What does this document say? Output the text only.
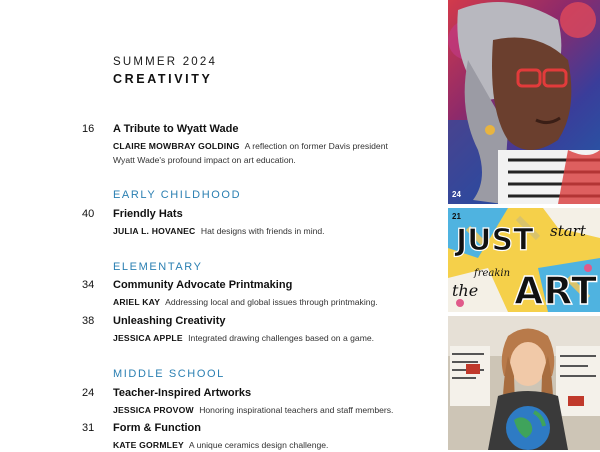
SUMMER 2024
CREATIVITY
16 A Tribute to Wyatt Wade
CLAIRE MOWBRAY GOLDING A reflection on former Davis president Wyatt Wade's profound impact on art education.
EARLY CHILDHOOD
40 Friendly Hats
JULIA L. HOVANEC Hat designs with friends in mind.
ELEMENTARY
34 Community Advocate Printmaking
ARIEL KAY Addressing local and global issues through printmaking.
38 Unleashing Creativity
JESSICA APPLE Integrated drawing challenges based on a game.
MIDDLE SCHOOL
24 Teacher-Inspired Artworks
JESSICA PROVOW Honoring inspirational teachers and staff members.
31 Form & Function
KATE GORMLEY A unique ceramics design challenge.
24
JUST start
the
freakin ART
21
